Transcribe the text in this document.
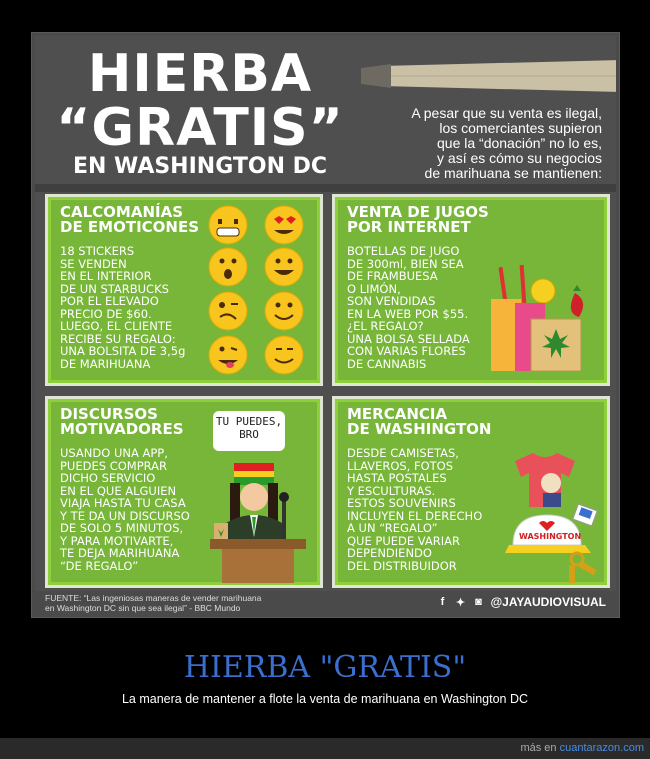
HIERBA
“GRATIS”
EN WASHINGTON DC
A pesar que su venta es ilegal,
los comerciantes supieron
que la “donación” no lo es,
y así es cómo su negocios
de marihuana se mantienen:
CALCOMANÍAS
DE EMOTICONES
18 STICKERS
SE VENDEN
EN EL INTERIOR
DE UN STARBUCKS
POR EL ELEVADO
PRECIO DE $60.
LUEGO, EL CLIENTE
RECIBE SU REGALO:
UNA BOLSITA DE 3,5g
DE MARIHUANA
VENTA DE JUGOS
POR INTERNET
BOTELLAS DE JUGO
DE 300ml, BIEN SEA
DE FRAMBUESA
O LIMÓN,
SON VENDIDAS
EN LA WEB POR $55.
¿EL REGALO?
UNA BOLSA SELLADA
CON VARIAS FLORES
DE CANNABIS
DISCURSOS
MOTIVADORES
USANDO UNA APP,
PUEDES COMPRAR
DICHO SERVICIO
EN EL QUE ALGUIEN
VIAJA HASTA TU CASA
Y TE DA UN DISCURSO
DE SOLO 5 MINUTOS,
Y PARA MOTIVARTE,
TE DEJA MARIHUANA
“DE REGALO”
TU PUEDES,
BRO
MERCANCIA
DE WASHINGTON
DESDE CAMISETAS,
LLAVEROS, FOTOS
HASTA POSTALES
Y ESCULTURAS.
ESTOS SOUVENIRS
INCLUYEN EL DERECHO
A UN “REGALO”
QUE PUEDE VARIAR
DEPENDIENDO
DEL DISTRIBUIDOR
WASHINGTON
FUENTE: “Las ingeniosas maneras de vender marihuana
en Washington DC sin que sea ilegal” - BBC Mundo	f	✦ ◙ @JAYAUDIOVISUAL
HIERBA "GRATIS"
La manera de mantener a flote la venta de marihuana en Washington DC
más en cuantarazon.com
